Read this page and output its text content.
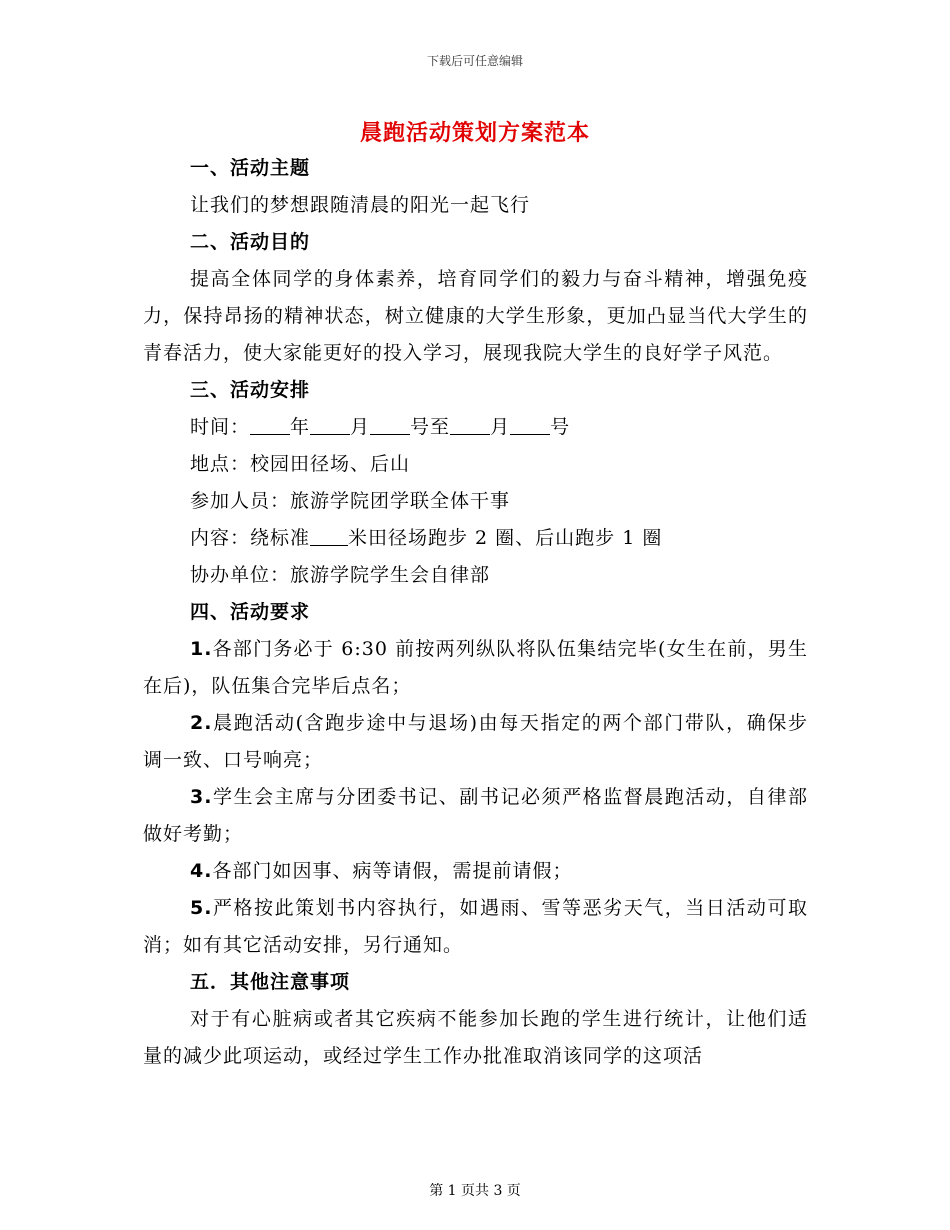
下载后可任意编辑
晨跑活动策划方案范本
一、活动主题
让我们的梦想跟随清晨的阳光一起飞行
二、活动目的
提高全体同学的身体素养，培育同学们的毅力与奋斗精神，增强免疫力，保持昂扬的精神状态，树立健康的大学生形象，更加凸显当代大学生的青春活力，使大家能更好的投入学习，展现我院大学生的良好学子风范。
三、活动安排
时间： 年 月 号至 月 号
地点：校园田径场、后山
参加人员：旅游学院团学联全体干事
内容：绕标准 米田径场跑步 2 圈、后山跑步 1 圈
协办单位：旅游学院学生会自律部
四、活动要求
1.各部门务必于 6:30 前按两列纵队将队伍集结完毕(女生在前，男生在后)，队伍集合完毕后点名；
2.晨跑活动(含跑步途中与退场)由每天指定的两个部门带队，确保步调一致、口号响亮；
3.学生会主席与分团委书记、副书记必须严格监督晨跑活动，自律部做好考勤；
4.各部门如因事、病等请假，需提前请假；
5.严格按此策划书内容执行，如遇雨、雪等恶劣天气，当日活动可取消；如有其它活动安排，另行通知。
五．其他注意事项
对于有心脏病或者其它疾病不能参加长跑的学生进行统计，让他们适量的减少此项运动，或经过学生工作办批准取消该同学的这项活
第 1 页共 3 页
